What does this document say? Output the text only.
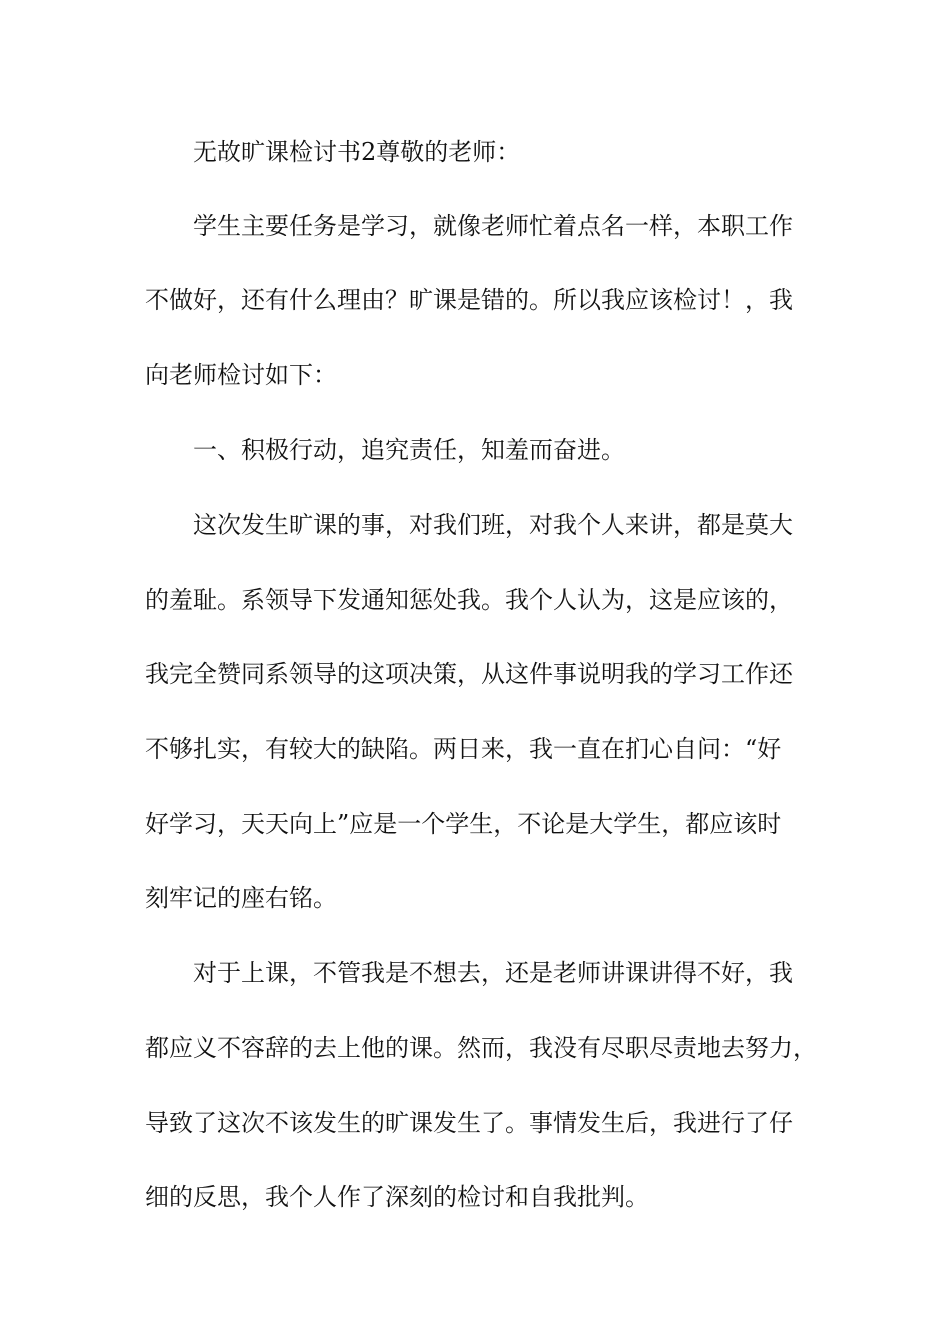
无故旷课检讨书2尊敬的老师：
学生主要任务是学习，就像老师忙着点名一样，本职工作
不做好，还有什么理由？旷课是错的。所以我应该检讨！，我
向老师检讨如下：
一、积极行动，追究责任，知羞而奋进。
这次发生旷课的事，对我们班，对我个人来讲，都是莫大
的羞耻。系领导下发通知惩处我。我个人认为，这是应该的，
我完全赞同系领导的这项决策，从这件事说明我的学习工作还
不够扎实，有较大的缺陷。两日来，我一直在扪心自问：“好
好学习，天天向上”应是一个学生，不论是大学生，都应该时
刻牢记的座右铭。
对于上课，不管我是不想去，还是老师讲课讲得不好，我
都应义不容辞的去上他的课。然而，我没有尽职尽责地去努力，
导致了这次不该发生的旷课发生了。事情发生后，我进行了仔
细的反思，我个人作了深刻的检讨和自我批判。
